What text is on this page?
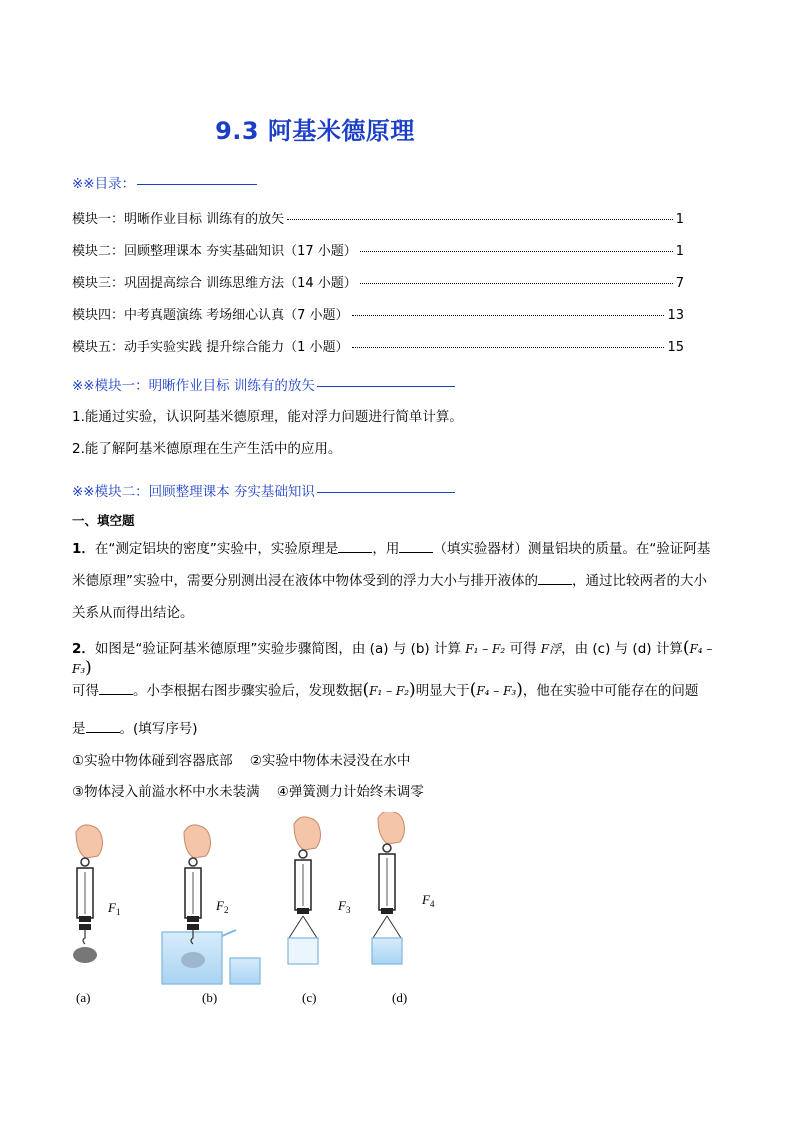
9.3 阿基米德原理
※※目录：
模块一：明晰作业目标 训练有的放矢	1
模块二：回顾整理课本 夯实基础知识（17 小题）	1
模块三：巩固提高综合 训练思维方法（14 小题）	7
模块四：中考真题演练 考场细心认真（7 小题）	13
模块五：动手实验实践 提升综合能力（1 小题）	15
※※模块一：明晰作业目标 训练有的放矢
1.能通过实验，认识阿基米德原理，能对浮力问题进行简单计算。
2.能了解阿基米德原理在生产生活中的应用。
※※模块二：回顾整理课本 夯实基础知识
一、填空题
1．在“测定铝块的密度”实验中，实验原理是	，用	（填实验器材）测量铝块的质量。在“验证阿基
米德原理”实验中，需要分别测出浸在液体中物体受到的浮力大小与排开液体的	，通过比较两者的大小
关系从而得出结论。
2．如图是“验证阿基米德原理”实验步骤简图，由 (a) 与 (b) 计算 F₁ – F₂ 可得 F浮，由 (c) 与 (d) 计算(F₄ – F₃)
可得	。小李根据右图步骤实验后，发现数据(F₁ – F₂)明显大于(F₄ – F₃)，他在实验中可能存在的问题
是	。(填写序号)
①实验中物体碰到容器底部 ②实验中物体未浸没在水中
③物体浸入前溢水杯中水未装满 ④弹簧测力计始终未调零
$F_1$	$F_2$	$F_3$
$F_4$
(a)	(b)	(c)	(d)
